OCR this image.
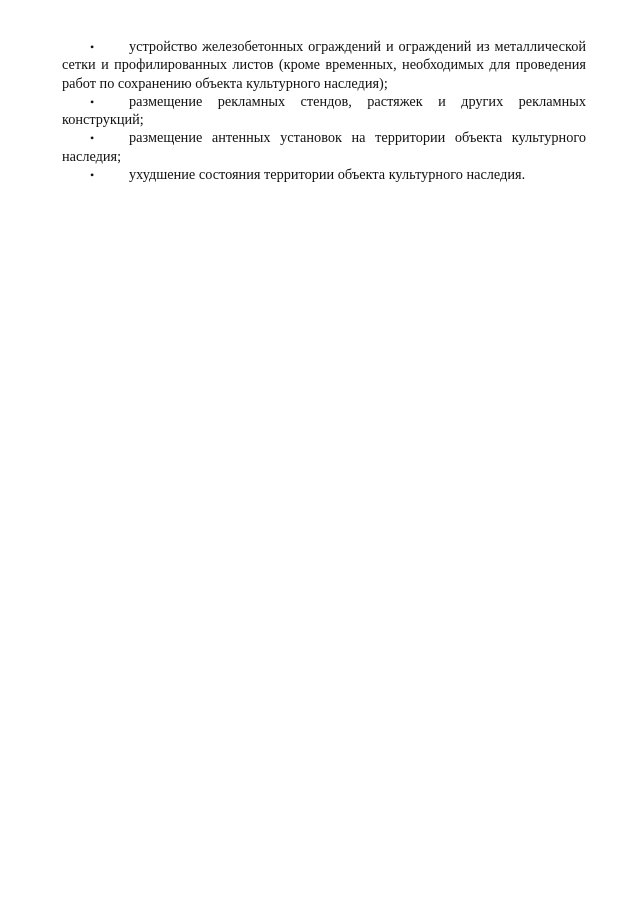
• устройство железобетонных ограждений и ограждений из металлической сетки и профилированных листов (кроме временных, необходимых для проведения работ по сохранению объекта культурного наследия);
• размещение рекламных стендов, растяжек и других рекламных конструкций;
• размещение антенных установок на территории объекта культурного наследия;
• ухудшение состояния территории объекта культурного наследия.
